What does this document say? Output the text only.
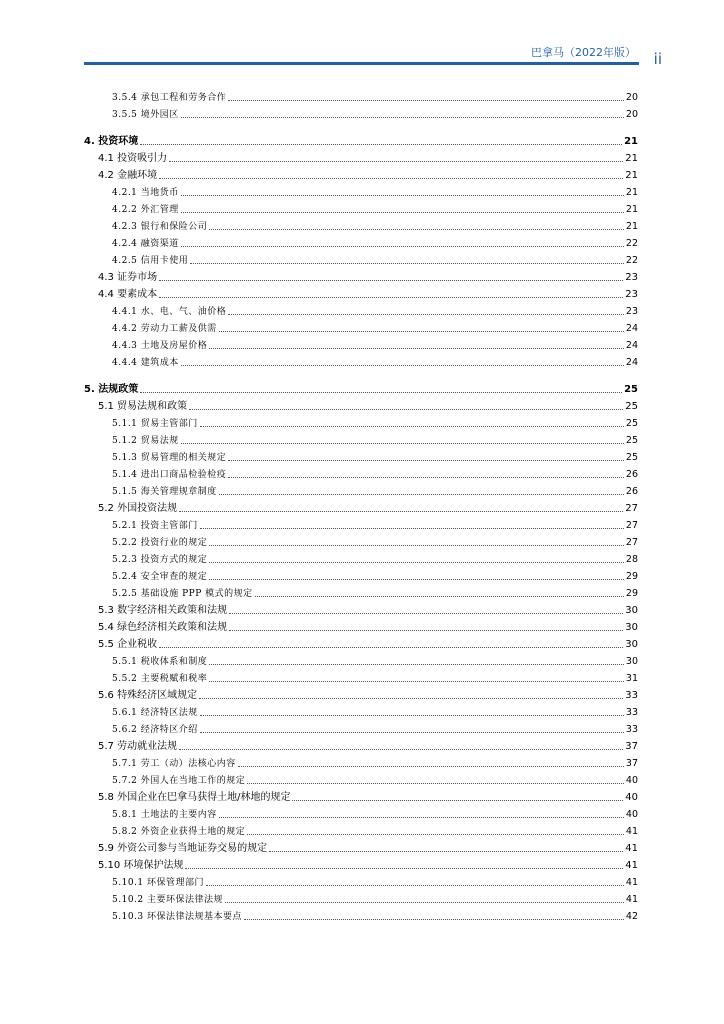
巴拿马（2022年版） ii
3.5.4 承包工程和劳务合作	20
3.5.5 境外园区	20
4. 投资环境	21
4.1 投资吸引力	21
4.2 金融环境	21
4.2.1 当地货币	21
4.2.2 外汇管理	21
4.2.3 银行和保险公司	21
4.2.4 融资渠道	22
4.2.5 信用卡使用	22
4.3 证券市场	23
4.4 要素成本	23
4.4.1 水、电、气、油价格	23
4.4.2 劳动力工薪及供需	24
4.4.3 土地及房屋价格	24
4.4.4 建筑成本	24
5. 法规政策	25
5.1 贸易法规和政策	25
5.1.1 贸易主管部门	25
5.1.2 贸易法规	25
5.1.3 贸易管理的相关规定	25
5.1.4 进出口商品检验检疫	26
5.1.5 海关管理规章制度	26
5.2 外国投资法规	27
5.2.1 投资主管部门	27
5.2.2 投资行业的规定	27
5.2.3 投资方式的规定	28
5.2.4 安全审查的规定	29
5.2.5 基础设施 PPP 模式的规定	29
5.3 数字经济相关政策和法规	30
5.4 绿色经济相关政策和法规	30
5.5 企业税收	30
5.5.1 税收体系和制度	30
5.5.2 主要税赋和税率	31
5.6 特殊经济区域规定	33
5.6.1 经济特区法规	33
5.6.2 经济特区介绍	33
5.7 劳动就业法规	37
5.7.1 劳工（动）法核心内容	37
5.7.2 外国人在当地工作的规定	40
5.8 外国企业在巴拿马获得土地/林地的规定	40
5.8.1 土地法的主要内容	40
5.8.2 外资企业获得土地的规定	41
5.9 外资公司参与当地证券交易的规定	41
5.10 环境保护法规	41
5.10.1 环保管理部门	41
5.10.2 主要环保法律法规	41
5.10.3 环保法律法规基本要点	42
